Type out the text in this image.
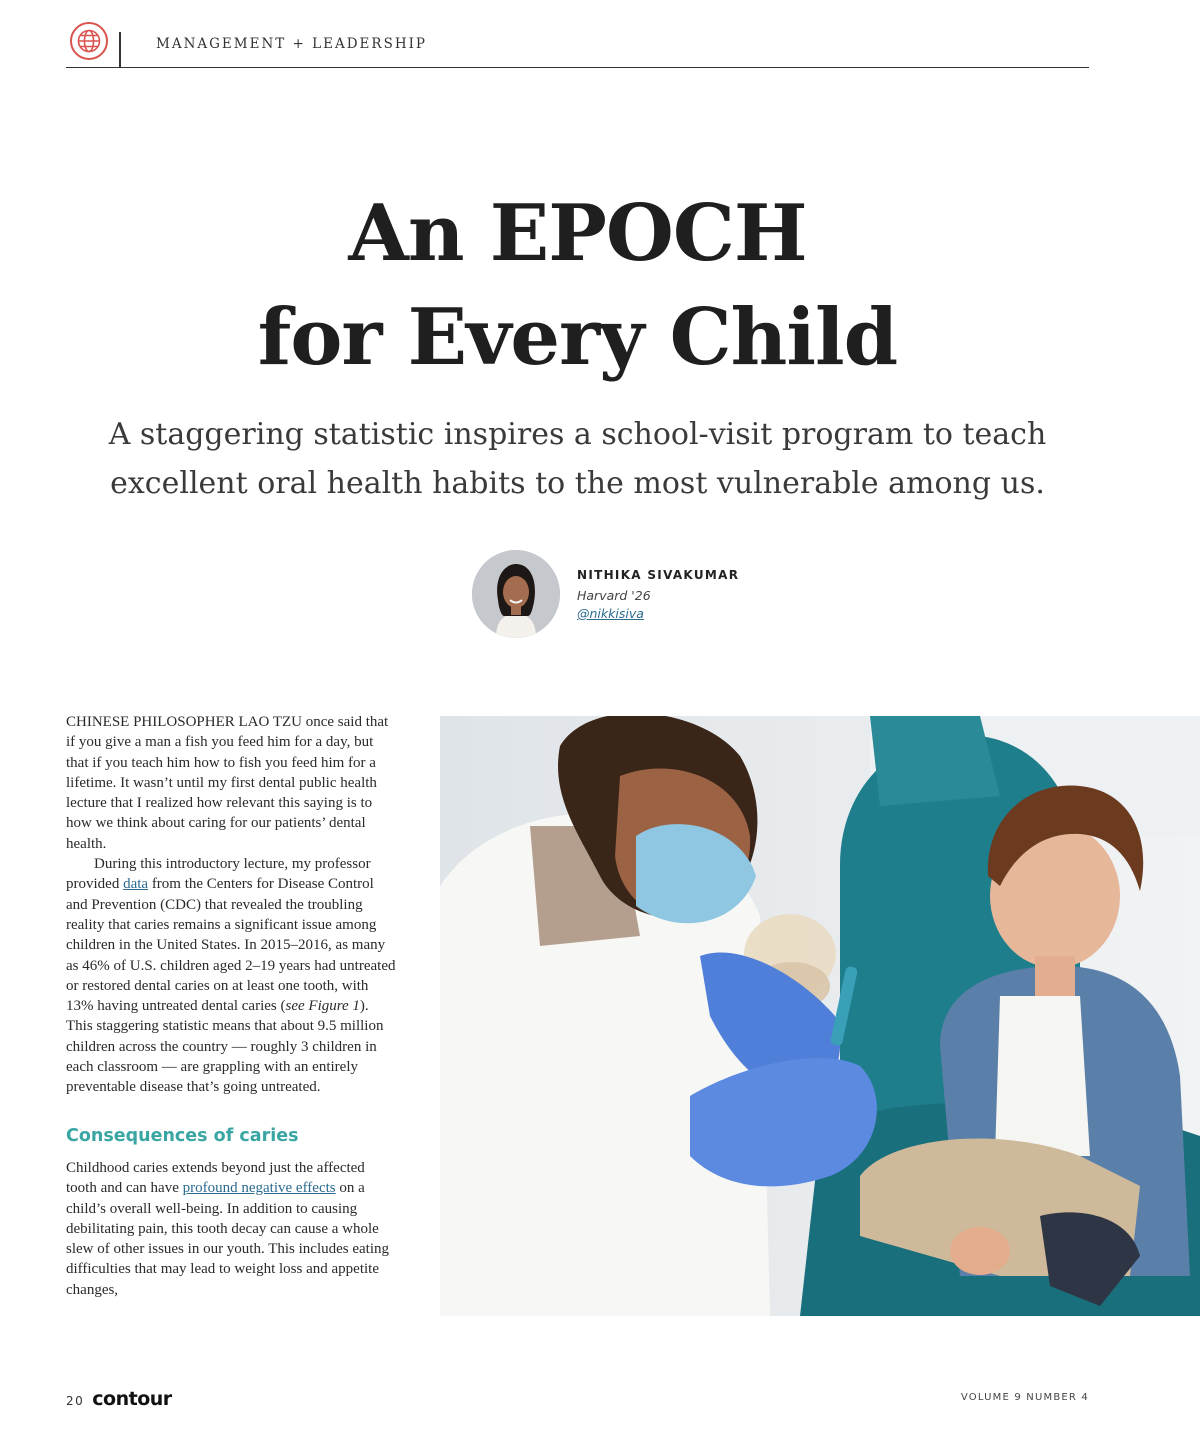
MANAGEMENT + LEADERSHIP
An EPOCH
for Every Child

A staggering statistic inspires a school-visit program to teach excellent oral health habits to the most vulnerable among us.

NITHIKA SIVAKUMAR
Harvard '26
@nikkisiva

CHINESE PHILOSOPHER LAO TZU once said that if you give a man a fish you feed him for a day, but that if you teach him how to fish you feed him for a lifetime. It wasn’t until my first dental public health lecture that I realized how relevant this saying is to how we think about caring for our patients’ dental health.

During this introductory lecture, my professor provided data from the Centers for Disease Control and Prevention (CDC) that revealed the troubling reality that caries remains a significant issue among children in the United States. In 2015–2016, as many as 46% of U.S. children aged 2–19 years had untreated or restored dental caries on at least one tooth, with 13% having untreated dental caries (see Figure 1). This staggering statistic means that about 9.5 million children across the country — roughly 3 children in each classroom — are grappling with an entirely preventable disease that’s going untreated.

Consequences of caries

Childhood caries extends beyond just the affected tooth and can have profound negative effects on a child’s overall well-being. In addition to causing debilitating pain, this tooth decay can cause a whole slew of other issues in our youth. This includes eating difficulties that may lead to weight loss and appetite changes,

20 contour	VOLUME 9 NUMBER 4
